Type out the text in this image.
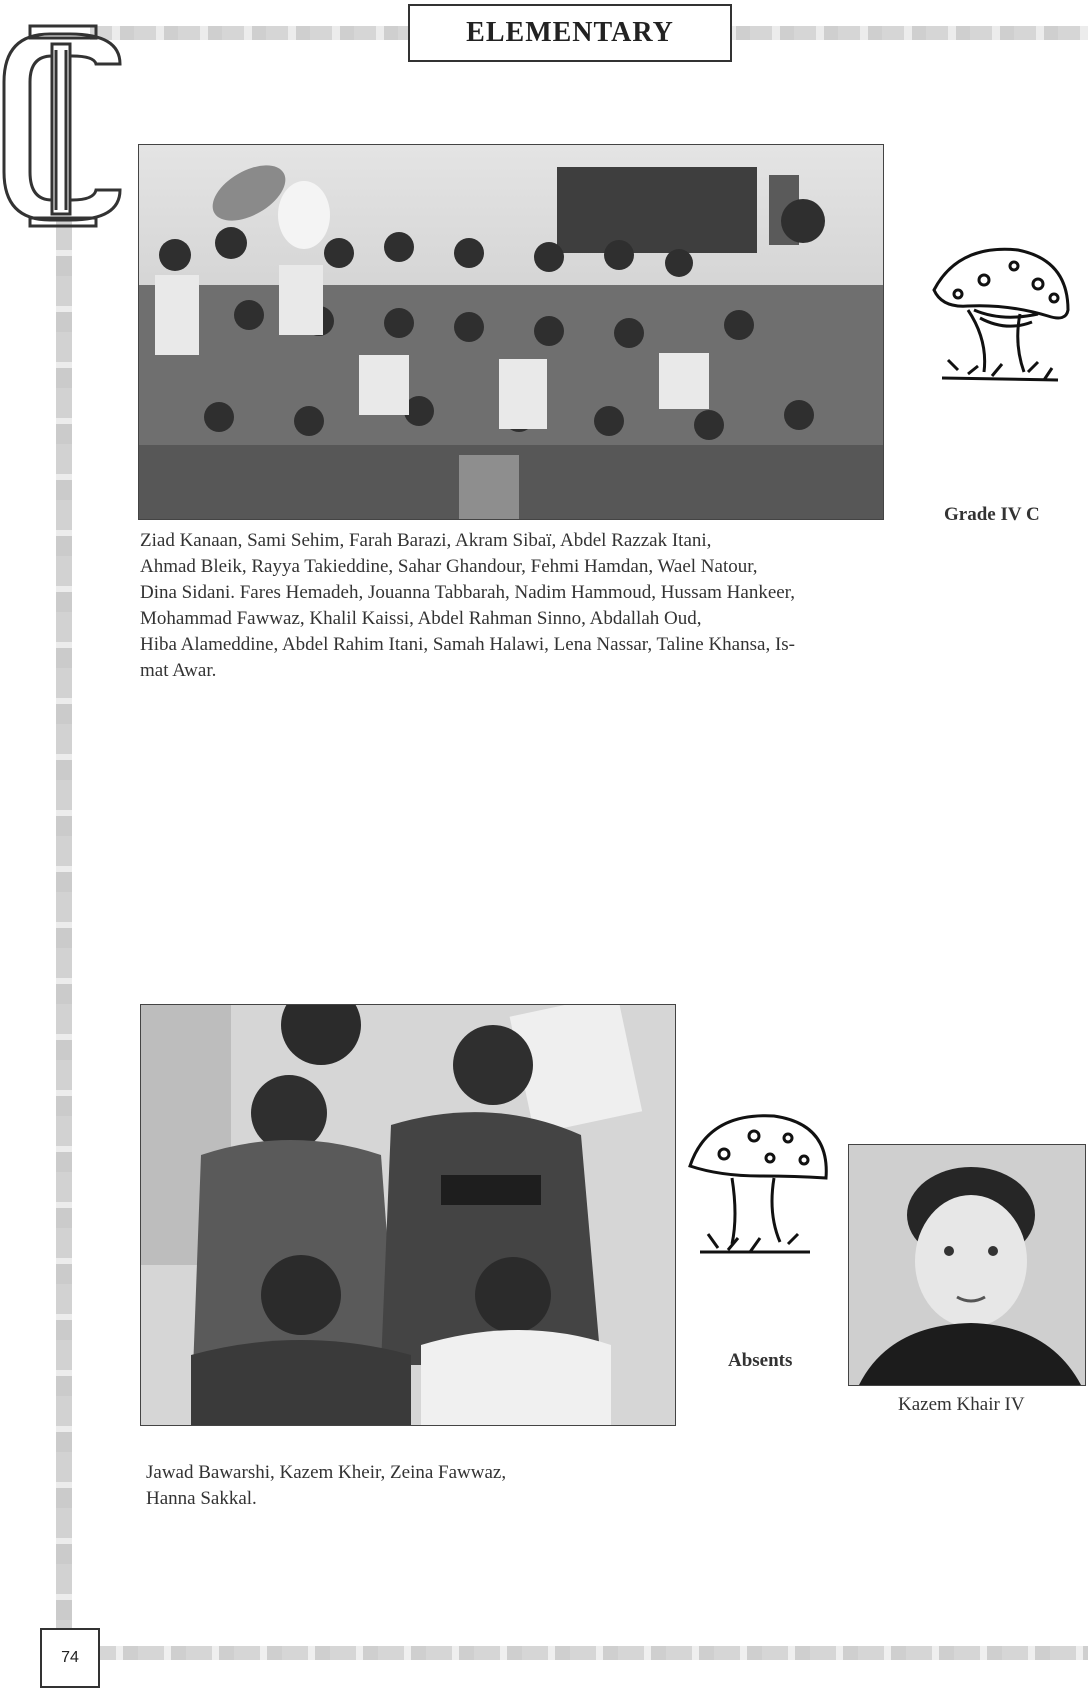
ELEMENTARY
Grade IV C
Ziad Kanaan, Sami Sehim, Farah Barazi, Akram Sibaï, Abdel Razzak Itani,
Ahmad Bleik, Rayya Takieddine, Sahar Ghandour, Fehmi Hamdan, Wael Natour,
Dina Sidani. Fares Hemadeh, Jouanna Tabbarah, Nadim Hammoud, Hussam Hankeer,
Mohammad Fawwaz, Khalil Kaissi, Abdel Rahman Sinno, Abdallah Oud,
Hiba Alameddine, Abdel Rahim Itani, Samah Halawi, Lena Nassar, Taline Khansa, Is-
mat Awar.
Absents
Kazem Khair IV
Jawad Bawarshi, Kazem Kheir, Zeina Fawwaz,
Hanna Sakkal.
74
